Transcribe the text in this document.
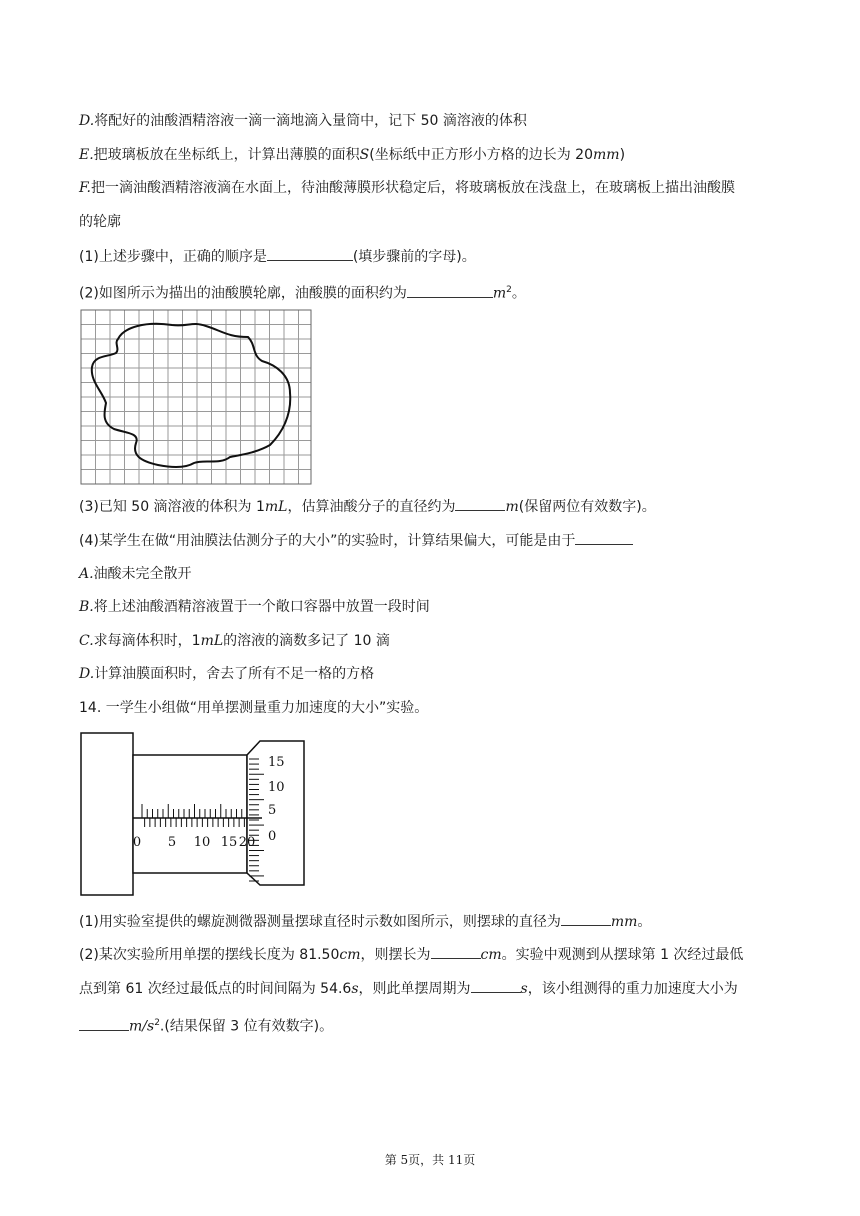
D.将配好的油酸酒精溶液一滴一滴地滴入量筒中，记下 50 滴溶液的体积
E.把玻璃板放在坐标纸上，计算出薄膜的面积S(坐标纸中正方形小方格的边长为 20mm)
F.把一滴油酸酒精溶液滴在水面上，待油酸薄膜形状稳定后，将玻璃板放在浅盘上，在玻璃板上描出油酸膜
的轮廓
(1)上述步骤中，正确的顺序是	(填步骤前的字母)。
(2)如图所示为描出的油酸膜轮廓，油酸膜的面积约为	$m^2$。
(3)已知 50 滴溶液的体积为 1mL，估算油酸分子的直径约为	m(保留两位有效数字)。
(4)某学生在做“用油膜法估测分子的大小”的实验时，计算结果偏大，可能是由于
A.油酸未完全散开
B.将上述油酸酒精溶液置于一个敞口容器中放置一段时间
C.求每滴体积时，1mL的溶液的滴数多记了 10 滴
D.计算油膜面积时，舍去了所有不足一格的方格
14. 一学生小组做“用单摆测量重力加速度的大小”实验。
0 5 10 15 20
15
10
5
0
(1)用实验室提供的螺旋测微器测量摆球直径时示数如图所示，则摆球的直径为	mm。
(2)某次实验所用单摆的摆线长度为 81.50cm，则摆长为	cm。实验中观测到从摆球第 1 次经过最低
点到第 61 次经过最低点的时间间隔为 54.6s，则此单摆周期为	s，该小组测得的重力加速度大小为
$m/s^2$.(结果保留 3 位有效数字)。
第 5页，共 11页
